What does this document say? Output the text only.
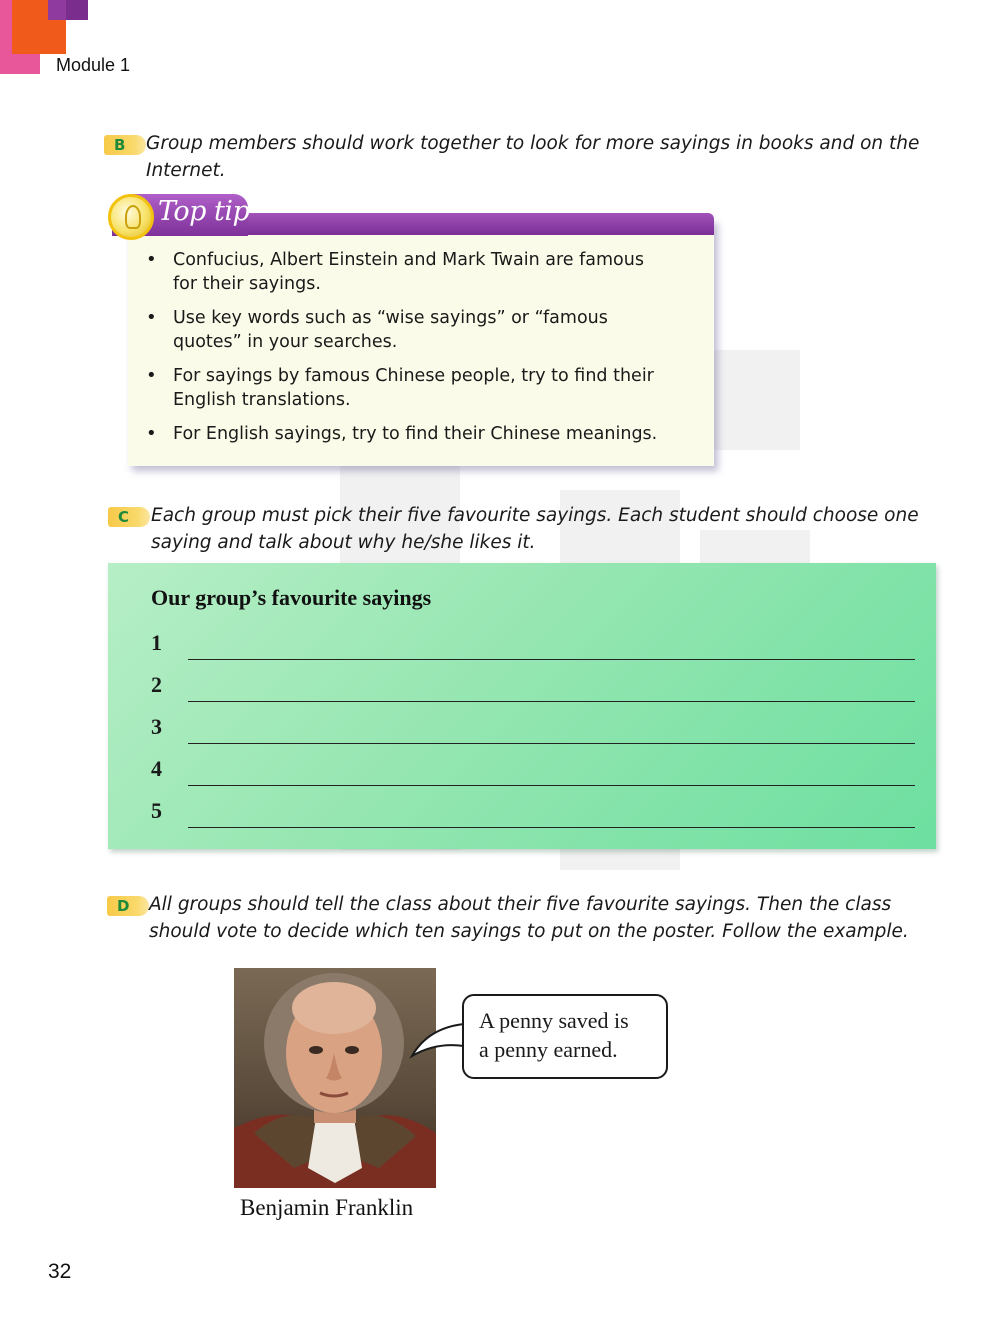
Module 1
B	Group members should work together to look for more sayings in books and on the
Internet.
Top tip
• Confucius, Albert Einstein and Mark Twain are famous
for their sayings.
• Use key words such as “wise sayings” or “famous
quotes” in your searches.
• For sayings by famous Chinese people, try to find their
English translations.
• For English sayings, try to find their Chinese meanings.
C	Each group must pick their five favourite sayings. Each student should choose one
saying and talk about why he/she likes it.
Our group’s favourite sayings
1
2
3
4
5
D	All groups should tell the class about their five favourite sayings. Then the class
should vote to decide which ten sayings to put on the poster. Follow the example.
Benjamin Franklin
A penny saved is
a penny earned.
32
